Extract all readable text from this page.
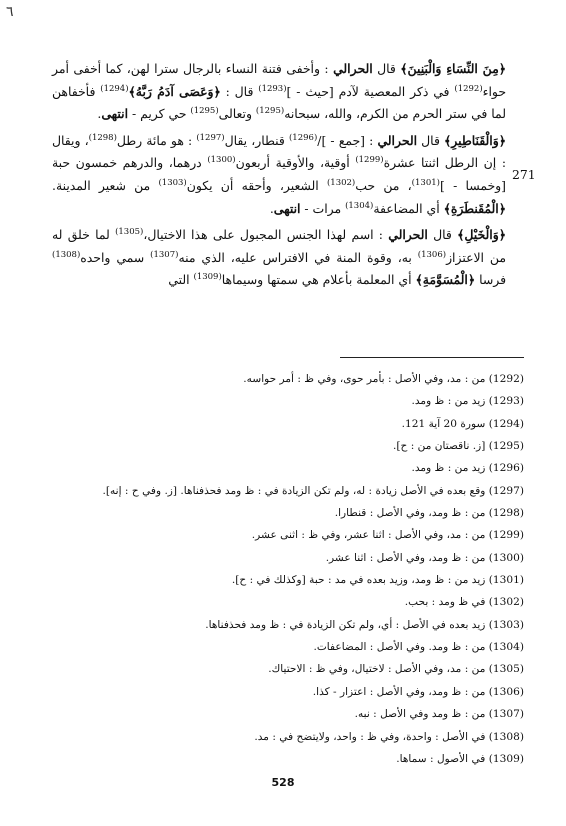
٦

﴿مِنَ النِّسَاءِ وَالْبَنِينَ﴾ قال الحرالي : وأخفى فتنة النساء بالرجال سترا لهن، كما أخفى أمر حواء$^{(1292)}$ في ذكر المعصية لآدم [حيث - ]$^{(1293)}$ قال : ﴿وَعَصَى آدَمُ رَبَّهُ﴾$^{(1294)}$ فأخفاهن لما في ستر الحرم من الكرم، والله، سبحانه$^{(1295)}$ وتعالى$^{(1295)}$ حي كريم - انتهى.

﴿وَالْقَنَاطِيرِ﴾ قال الحرالي : [جمع - ]/$^{(1296)}$ قنطار، يقال$^{(1297)}$ : هو مائة رطل$^{(1298)}$، ويقال : إن الرطل اثنتا عشرة$^{(1299)}$ أوقية، والأوقية أربعون$^{(1300)}$ درهما، والدرهم خمسون حبة [وخمسا - ]$^{(1301)}$، من حب$^{(1302)}$ الشعير، وأحقه أن يكون$^{(1303)}$ من شعير المدينة. ﴿الْمُقَنطَرَةِ﴾ أي المضاعفة$^{(1304)}$ مرات - انتهى.

﴿وَالْخَيْلِ﴾ قال الحرالي : اسم لهذا الجنس المجبول على هذا الاختيال،$^{(1305)}$ لما خلق له من الاعتزاز$^{(1306)}$ به، وقوة المنة في الافتراس عليه، الذي منه$^{(1307)}$ سمي واحده$^{(1308)}$ فرسا ﴿الْمُسَوَّمَةِ﴾ أي المعلمة بأعلام هي سمتها وسيماها$^{(1309)}$ التي

271
(1292) من : مد، وفي الأصل : بأمر حوى، وفي ظ : أمر حواسه.
(1293) زيد من : ظ ومد.
(1294) سورة 20 آية 121.
(1295) [ز. ناقصتان من : ح].
(1296) زيد من : ظ ومد.
(1297) وقع بعده في الأصل زيادة : له، ولم تكن الزيادة في : ظ ومد فحذفناها. [ز. وفي ح : إنه].
(1298) من : ظ ومد، وفي الأصل : قنطارا.
(1299) من : مد، وفي الأصل : اثنا عشر، وفي ظ : اثنى عشر.
(1300) من : ظ ومد، وفي الأصل : اثنا عشر.
(1301) زيد من : ظ ومد، وزيد بعده في مد : حبة [وكذلك في : ح].
(1302) في ظ ومد : بحب.
(1303) زيد بعده في الأصل : أي، ولم تكن الزيادة في : ظ ومد فحذفناها.
(1304) من : ظ ومد. وفي الأصل : المضاعفات.
(1305) من : مد، وفي الأصل : لاختيال، وفي ظ : الاحتياك.
(1306) من : ظ ومد، وفي الأصل : اعتزار - كذا.
(1307) من : ظ ومد وفي الأصل : نبه.
(1308) في الأصل : واحدة، وفي ظ : واحد، ولايتضح في : مد.
(1309) في الأصول : سماها.
528
